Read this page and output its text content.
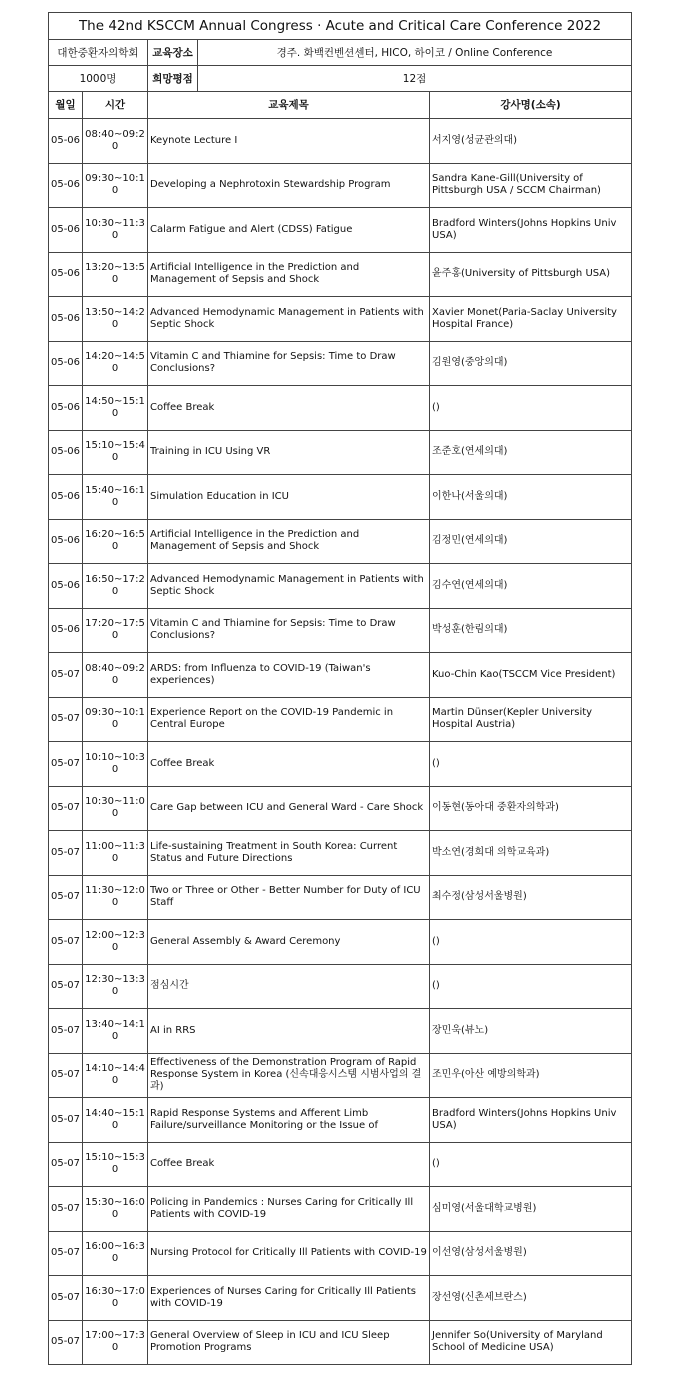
The 42nd KSCCM Annual Congress · Acute and Critical Care Conference 2022				
대한중환자의학회		교육장소	경주. 화백컨벤션센터, HICO, 하이코 / Online Conference	
1000명		희망평점	12점	
월일	시간	교육제목		강사명(소속)
05-06	08:40~09:20	Keynote Lecture I		서지영(성균관의대)
05-06	09:30~10:10	Developing a Nephrotoxin Stewardship Program		Sandra Kane-Gill(University of Pittsburgh USA / SCCM Chairman)
05-06	10:30~11:30	Calarm Fatigue and Alert (CDSS) Fatigue		Bradford Winters(Johns Hopkins Univ USA)
05-06	13:20~13:50	Artificial Intelligence in the Prediction and Management of Sepsis and Shock		윤주홍(University of Pittsburgh USA)
05-06	13:50~14:20	Advanced Hemodynamic Management in Patients with Septic Shock		Xavier Monet(Paria-Saclay University Hospital France)
05-06	14:20~14:50	Vitamin C and Thiamine for Sepsis: Time to Draw Conclusions?		김원영(중앙의대)
05-06	14:50~15:10	Coffee Break		()
05-06	15:10~15:40	Training in ICU Using VR		조준호(연세의대)
05-06	15:40~16:10	Simulation Education in ICU		이한나(서울의대)
05-06	16:20~16:50	Artificial Intelligence in the Prediction and Management of Sepsis and Shock		김정민(연세의대)
05-06	16:50~17:20	Advanced Hemodynamic Management in Patients with Septic Shock		김수연(연세의대)
05-06	17:20~17:50	Vitamin C and Thiamine for Sepsis: Time to Draw Conclusions?		박성훈(한림의대)
05-07	08:40~09:20	ARDS: from Influenza to COVID-19 (Taiwan's experiences)		Kuo-Chin Kao(TSCCM Vice President)
05-07	09:30~10:10	Experience Report on the COVID-19 Pandemic in Central Europe		Martin Dünser(Kepler University Hospital Austria)
05-07	10:10~10:30	Coffee Break		()
05-07	10:30~11:00	Care Gap between ICU and General Ward - Care Shock		이동현(동아대 중환자의학과)
05-07	11:00~11:30	Life-sustaining Treatment in South Korea: Current Status and Future Directions		박소연(경희대 의학교육과)
05-07	11:30~12:00	Two or Three or Other - Better Number for Duty of ICU Staff		최수정(삼성서울병원)
05-07	12:00~12:30	General Assembly & Award Ceremony		()
05-07	12:30~13:30	점심시간		()
05-07	13:40~14:10	AI in RRS		장민욱(뷰노)
05-07	14:10~14:40	Effectiveness of the Demonstration Program of Rapid Response System in Korea (신속대응시스템 시범사업의 결과)		조민우(아산 예방의학과)
05-07	14:40~15:10	Rapid Response Systems and Afferent Limb Failure/surveillance Monitoring or the Issue of		Bradford Winters(Johns Hopkins Univ USA)
05-07	15:10~15:30	Coffee Break		()
05-07	15:30~16:00	Policing in Pandemics : Nurses Caring for Critically Ill Patients with COVID-19		심미영(서울대학교병원)
05-07	16:00~16:30	Nursing Protocol for Critically Ill Patients with COVID-19		이선영(삼성서울병원)
05-07	16:30~17:00	Experiences of Nurses Caring for Critically Ill Patients with COVID-19		장선영(신촌세브란스)
05-07	17:00~17:30	General Overview of Sleep in ICU and ICU Sleep Promotion Programs		Jennifer So(University of Maryland School of Medicine USA)
